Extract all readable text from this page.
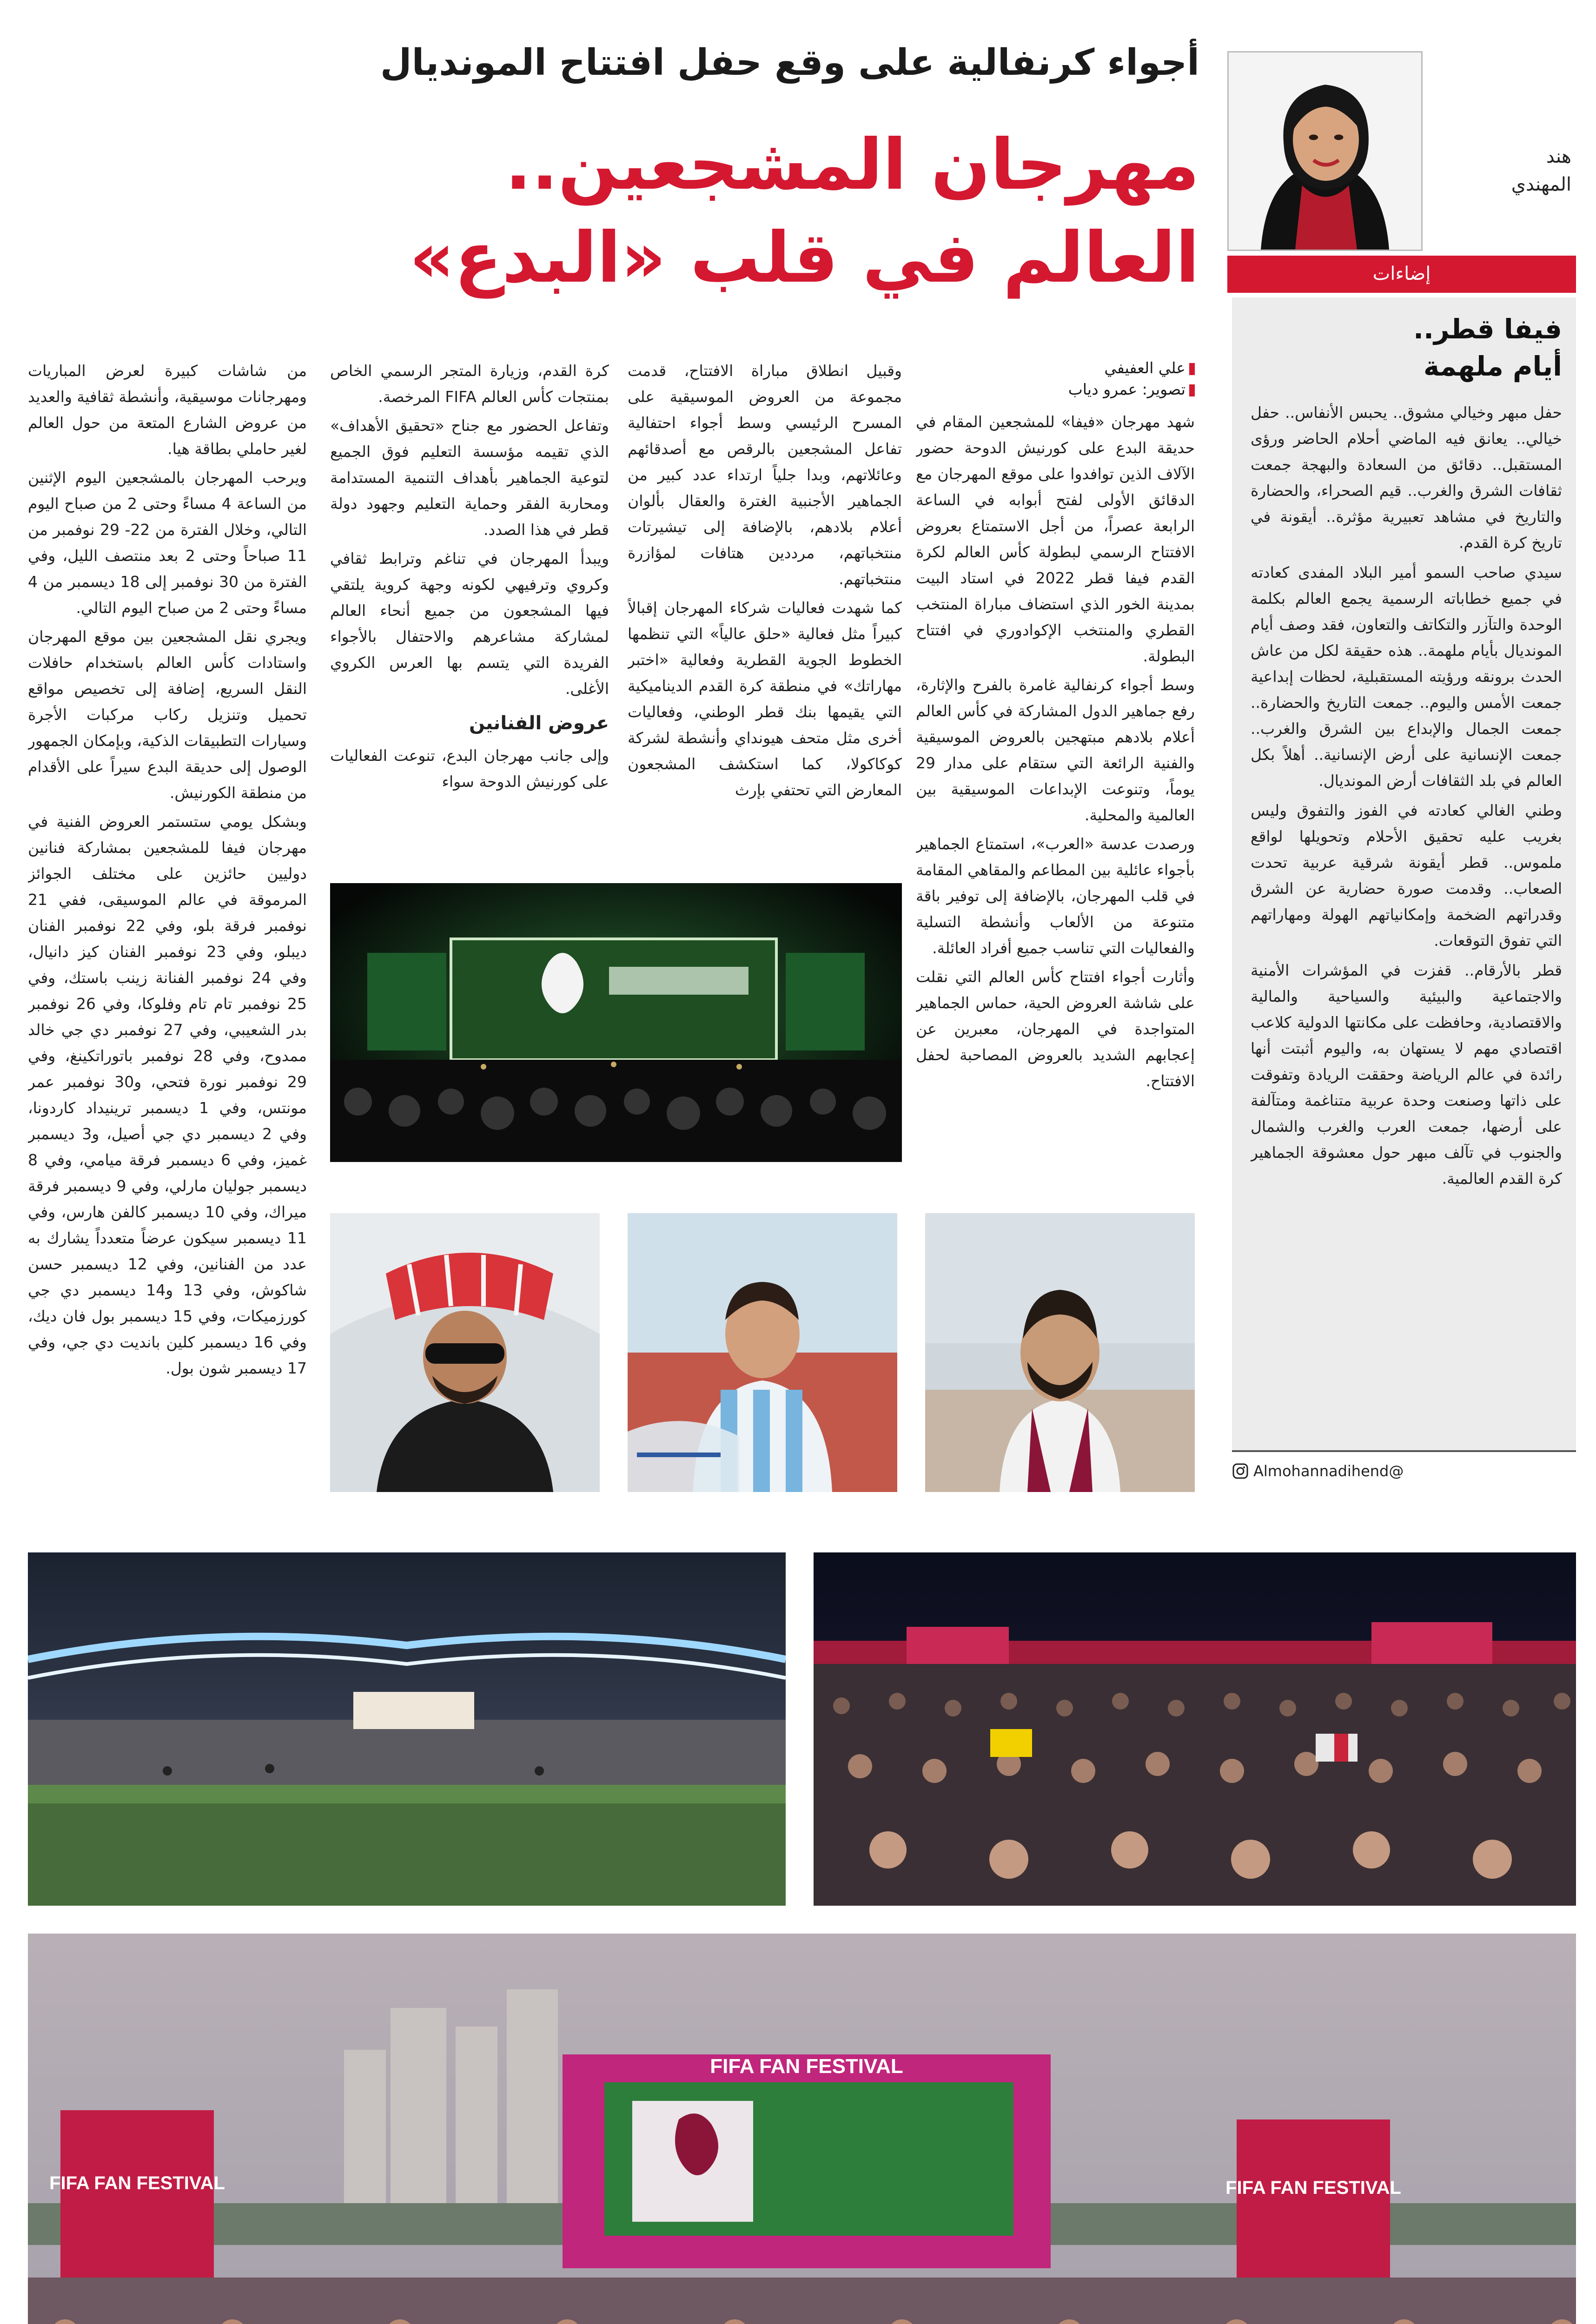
هند
المهندي
إضاءات
فيفا قطر..
أيام ملهمة

حفل مبهر وخيالي مشوق.. يحبس الأنفاس.. حفل خيالي.. يعانق فيه الماضي أحلام الحاضر ورؤى المستقبل.. دقائق من السعادة والبهجة جمعت ثقافات الشرق والغرب.. قيم الصحراء، والحضارة والتاريخ في مشاهد تعبيرية مؤثرة.. أيقونة في تاريخ كرة القدم.

سيدي صاحب السمو أمير البلاد المفدى كعادته في جميع خطاباته الرسمية يجمع العالم بكلمة الوحدة والتآزر والتكاتف والتعاون، فقد وصف أيام المونديال بأيام ملهمة.. هذه حقيقة لكل من عاش الحدث برونقه ورؤيته المستقبلية، لحظات إبداعية جمعت الأمس واليوم.. جمعت التاريخ والحضارة.. جمعت الجمال والإبداع بين الشرق والغرب.. جمعت الإنسانية على أرض الإنسانية.. أهلاً بكل العالم في بلد الثقافات أرض المونديال.

وطني الغالي كعادته في الفوز والتفوق وليس بغريب عليه تحقيق الأحلام وتحويلها لواقع ملموس.. قطر أيقونة شرقية عربية تحدت الصعاب.. وقدمت صورة حضارية عن الشرق وقدراتهم الضخمة وإمكانياتهم الهولة ومهاراتهم التي تفوق التوقعات.

قطر بالأرقام.. قفزت في المؤشرات الأمنية والاجتماعية والبيئية والسياحية والمالية والاقتصادية، وحافظت على مكانتها الدولية كلاعب اقتصادي مهم لا يستهان به، واليوم أثبتت أنها رائدة في عالم الرياضة وحققت الريادة وتفوقت على ذاتها وصنعت وحدة عربية متناغمة ومتآلفة على أرضها، جمعت العرب والغرب والشمال والجنوب في تآلف مبهر حول معشوقة الجماهير كرة القدم العالمية.

@Almohannadihend
أجواء كرنفالية على وقع حفل افتتاح المونديال
مهرجان المشجعين..
العالم في قلب «البدع»
علي العفيفي
تصوير: عمرو دياب

شهد مهرجان «فيفا» للمشجعين المقام في حديقة البدع على كورنيش الدوحة حضور الآلاف الذين توافدوا على موقع المهرجان مع الدقائق الأولى لفتح أبوابه في الساعة الرابعة عصراً، من أجل الاستمتاع بعروض الافتتاح الرسمي لبطولة كأس العالم لكرة القدم فيفا قطر 2022 في استاد البيت بمدينة الخور الذي استضاف مباراة المنتخب القطري والمنتخب الإكوادوري في افتتاح البطولة.

وسط أجواء كرنفالية غامرة بالفرح والإثارة، رفع جماهير الدول المشاركة في كأس العالم أعلام بلادهم مبتهجين بالعروض الموسيقية والفنية الرائعة التي ستقام على مدار 29 يوماً، وتنوعت الإبداعات الموسيقية بين العالمية والمحلية.

ورصدت عدسة «العرب»، استمتاع الجماهير بأجواء عائلية بين المطاعم والمقاهي المقامة في قلب المهرجان، بالإضافة إلى توفير باقة متنوعة من الألعاب وأنشطة التسلية والفعاليات التي تناسب جميع أفراد العائلة.

وأثارت أجواء افتتاح كأس العالم التي نقلت على شاشة العروض الحية، حماس الجماهير المتواجدة في المهرجان، معبرين عن إعجابهم الشديد بالعروض المصاحبة لحفل الافتتاح.

وقبيل انطلاق مباراة الافتتاح، قدمت مجموعة من العروض الموسيقية على المسرح الرئيسي وسط أجواء احتفالية تفاعل المشجعين بالرقص مع أصدقائهم وعائلاتهم، وبدا جلياً ارتداء عدد كبير من الجماهير الأجنبية الغترة والعقال بألوان أعلام بلادهم، بالإضافة إلى تيشيرتات منتخباتهم، مرددين هتافات لمؤازرة منتخباتهم.

كما شهدت فعاليات شركاء المهرجان إقبالاً كبيراً مثل فعالية «حلق عالياً» التي تنظمها الخطوط الجوية القطرية وفعالية «اختبر مهاراتك» في منطقة كرة القدم الديناميكية التي يقيمها بنك قطر الوطني، وفعاليات أخرى مثل متحف هيونداي وأنشطة لشركة كوكاكولا، كما استكشف المشجعون المعارض التي تحتفي بإرث

كرة القدم، وزيارة المتجر الرسمي الخاص بمنتجات كأس العالم FIFA المرخصة.

وتفاعل الحضور مع جناح «تحقيق الأهداف» الذي تقيمه مؤسسة التعليم فوق الجميع لتوعية الجماهير بأهداف التنمية المستدامة ومحاربة الفقر وحماية التعليم وجهود دولة قطر في هذا الصدد.

ويبدأ المهرجان في تناغم وترابط ثقافي وكروي وترفيهي لكونه وجهة كروية يلتقي فيها المشجعون من جميع أنحاء العالم لمشاركة مشاعرهم والاحتفال بالأجواء الفريدة التي يتسم بها العرس الكروي الأغلى.

عروض الفنانين

وإلى جانب مهرجان البدع، تنوعت الفعاليات على كورنيش الدوحة سواء

من شاشات كبيرة لعرض المباريات ومهرجانات موسيقية، وأنشطة ثقافية والعديد من عروض الشارع المتعة من حول العالم لغير حاملي بطاقة هيا.

ويرحب المهرجان بالمشجعين اليوم الإثنين من الساعة 4 مساءً وحتى 2 من صباح اليوم التالي، وخلال الفترة من 22- 29 نوفمبر من 11 صباحاً وحتى 2 بعد منتصف الليل، وفي الفترة من 30 نوفمبر إلى 18 ديسمبر من 4 مساءً وحتى 2 من صباح اليوم التالي.

ويجري نقل المشجعين بين موقع المهرجان واستادات كأس العالم باستخدام حافلات النقل السريع، إضافة إلى تخصيص مواقع تحميل وتنزيل ركاب مركبات الأجرة وسيارات التطبيقات الذكية، وبإمكان الجمهور الوصول إلى حديقة البدع سيراً على الأقدام من منطقة الكورنيش.

وبشكل يومي ستستمر العروض الفنية في مهرجان فيفا للمشجعين بمشاركة فنانين دوليين حائزين على مختلف الجوائز المرموقة في عالم الموسيقى، ففي 21 نوفمبر فرقة بلو، وفي 22 نوفمبر الفنان ديبلو، وفي 23 نوفمبر الفنان كيز دانيال، وفي 24 نوفمبر الفنانة زينب باستك، وفي 25 نوفمبر تام تام وفلوكا، وفي 26 نوفمبر بدر الشعيبي، وفي 27 نوفمبر دي جي خالد ممدوح، وفي 28 نوفمبر باتوراتكينغ، وفي 29 نوفمبر نورة فتحي، و30 نوفمبر عمر مونتس، وفي 1 ديسمبر ترينيداد كاردونا، وفي 2 ديسمبر دي جي أصيل، و3 ديسمبر غميز، وفي 6 ديسمبر فرقة ميامي، وفي 8 ديسمبر جوليان مارلي، وفي 9 ديسمبر فرقة ميراك، وفي 10 ديسمبر كالفن هارس، وفي 11 ديسمبر سيكون عرضاً متعدداً يشارك به عدد من الفنانين، وفي 12 ديسمبر حسن شاكوش، وفي 13 و14 ديسمبر دي جي كورزميكات، وفي 15 ديسمبر بول فان ديك، وفي 16 ديسمبر كلين باندیت دي جي، وفي 17 ديسمبر شون بول.

FIFA FAN FESTIVAL
FIFA FAN FESTIVAL	FIFA FAN FESTIVAL
